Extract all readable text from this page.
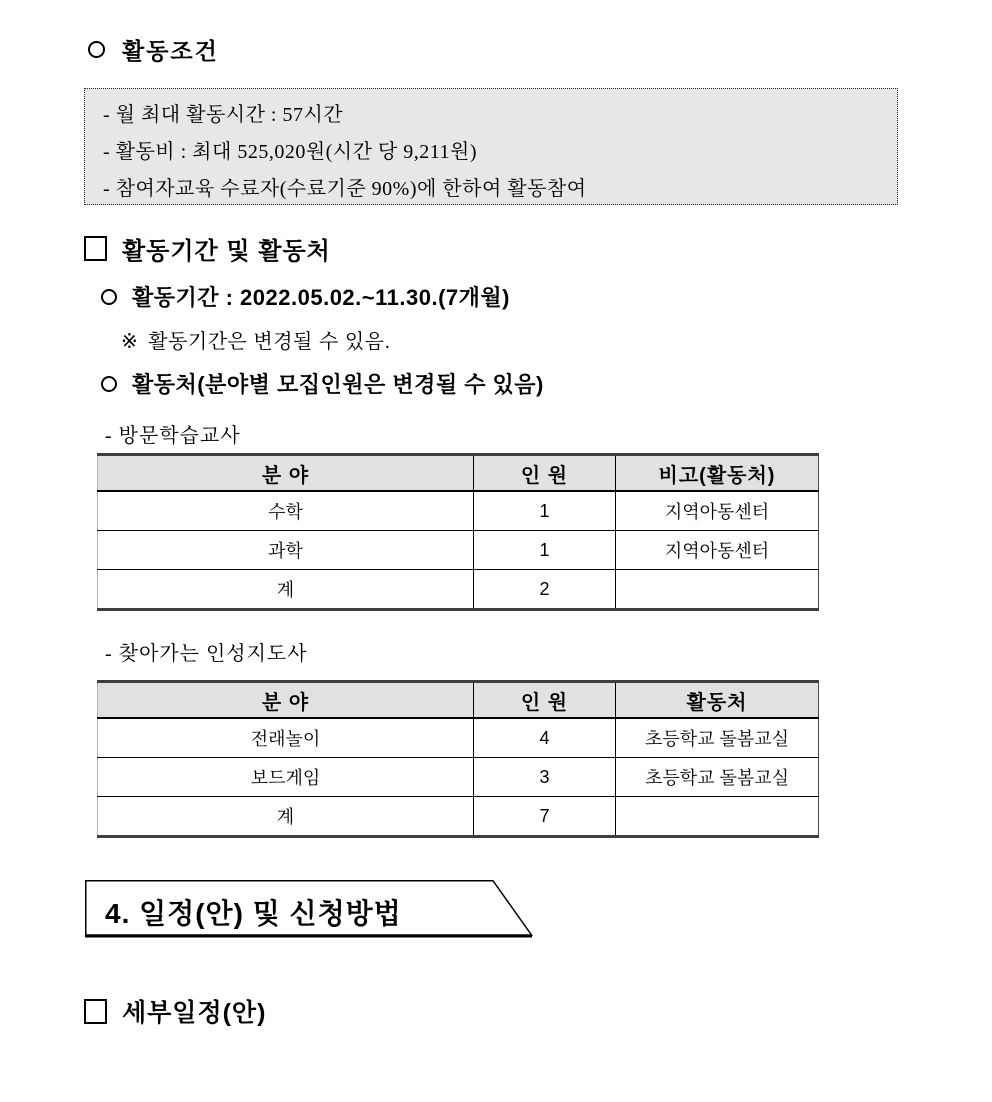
활동조건
- 월 최대 활동시간 : 57시간
- 활동비 : 최대 525,020원(시간 당 9,211원)
- 참여자교육 수료자(수료기준 90%)에 한하여 활동참여
활동기간 및 활동처
활동기간 : 2022.05.02.~11.30.(7개월)
※ 활동기간은 변경될 수 있음.
활동처(분야별 모집인원은 변경될 수 있음)
- 방문학습교사
분 야	인 원	비고(활동처)
수학	1	지역아동센터
과학	1	지역아동센터
계	2	
- 찾아가는 인성지도사
분 야	인 원	활동처
전래놀이	4	초등학교 돌봄교실
보드게임	3	초등학교 돌봄교실
계	7	
4. 일정(안) 및 신청방법
세부일정(안)
